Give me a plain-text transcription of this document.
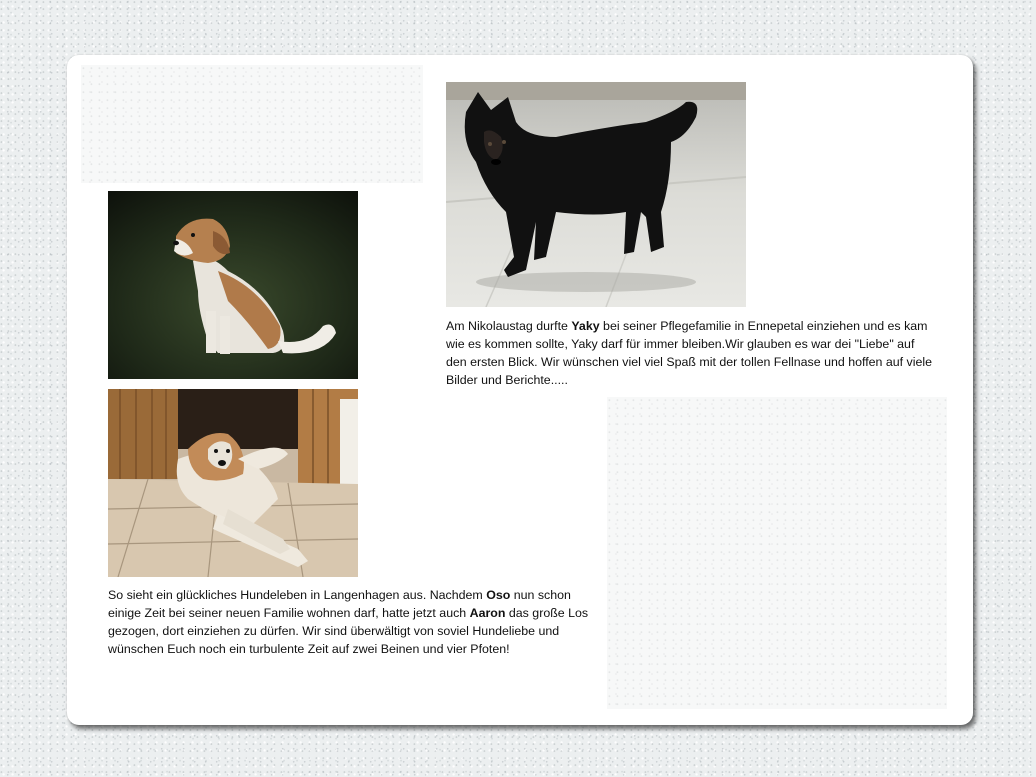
Am Nikolaustag durfte Yaky bei seiner Pflegefamilie in Ennepetal einziehen und es kam wie es kommen sollte, Yaky darf für immer bleiben.Wir glauben es war dei "Liebe" auf den ersten Blick. Wir wünschen viel viel Spaß mit der tollen Fellnase und hoffen auf viele Bilder und Berichte.....
So sieht ein glückliches Hundeleben in Langenhagen aus. Nachdem Oso nun schon einige Zeit bei seiner neuen Familie wohnen darf, hatte jetzt auch Aaron das große Los gezogen, dort einziehen zu dürfen. Wir sind überwältigt von soviel Hundeliebe und wünschen Euch noch ein turbulente Zeit auf zwei Beinen und vier Pfoten!
